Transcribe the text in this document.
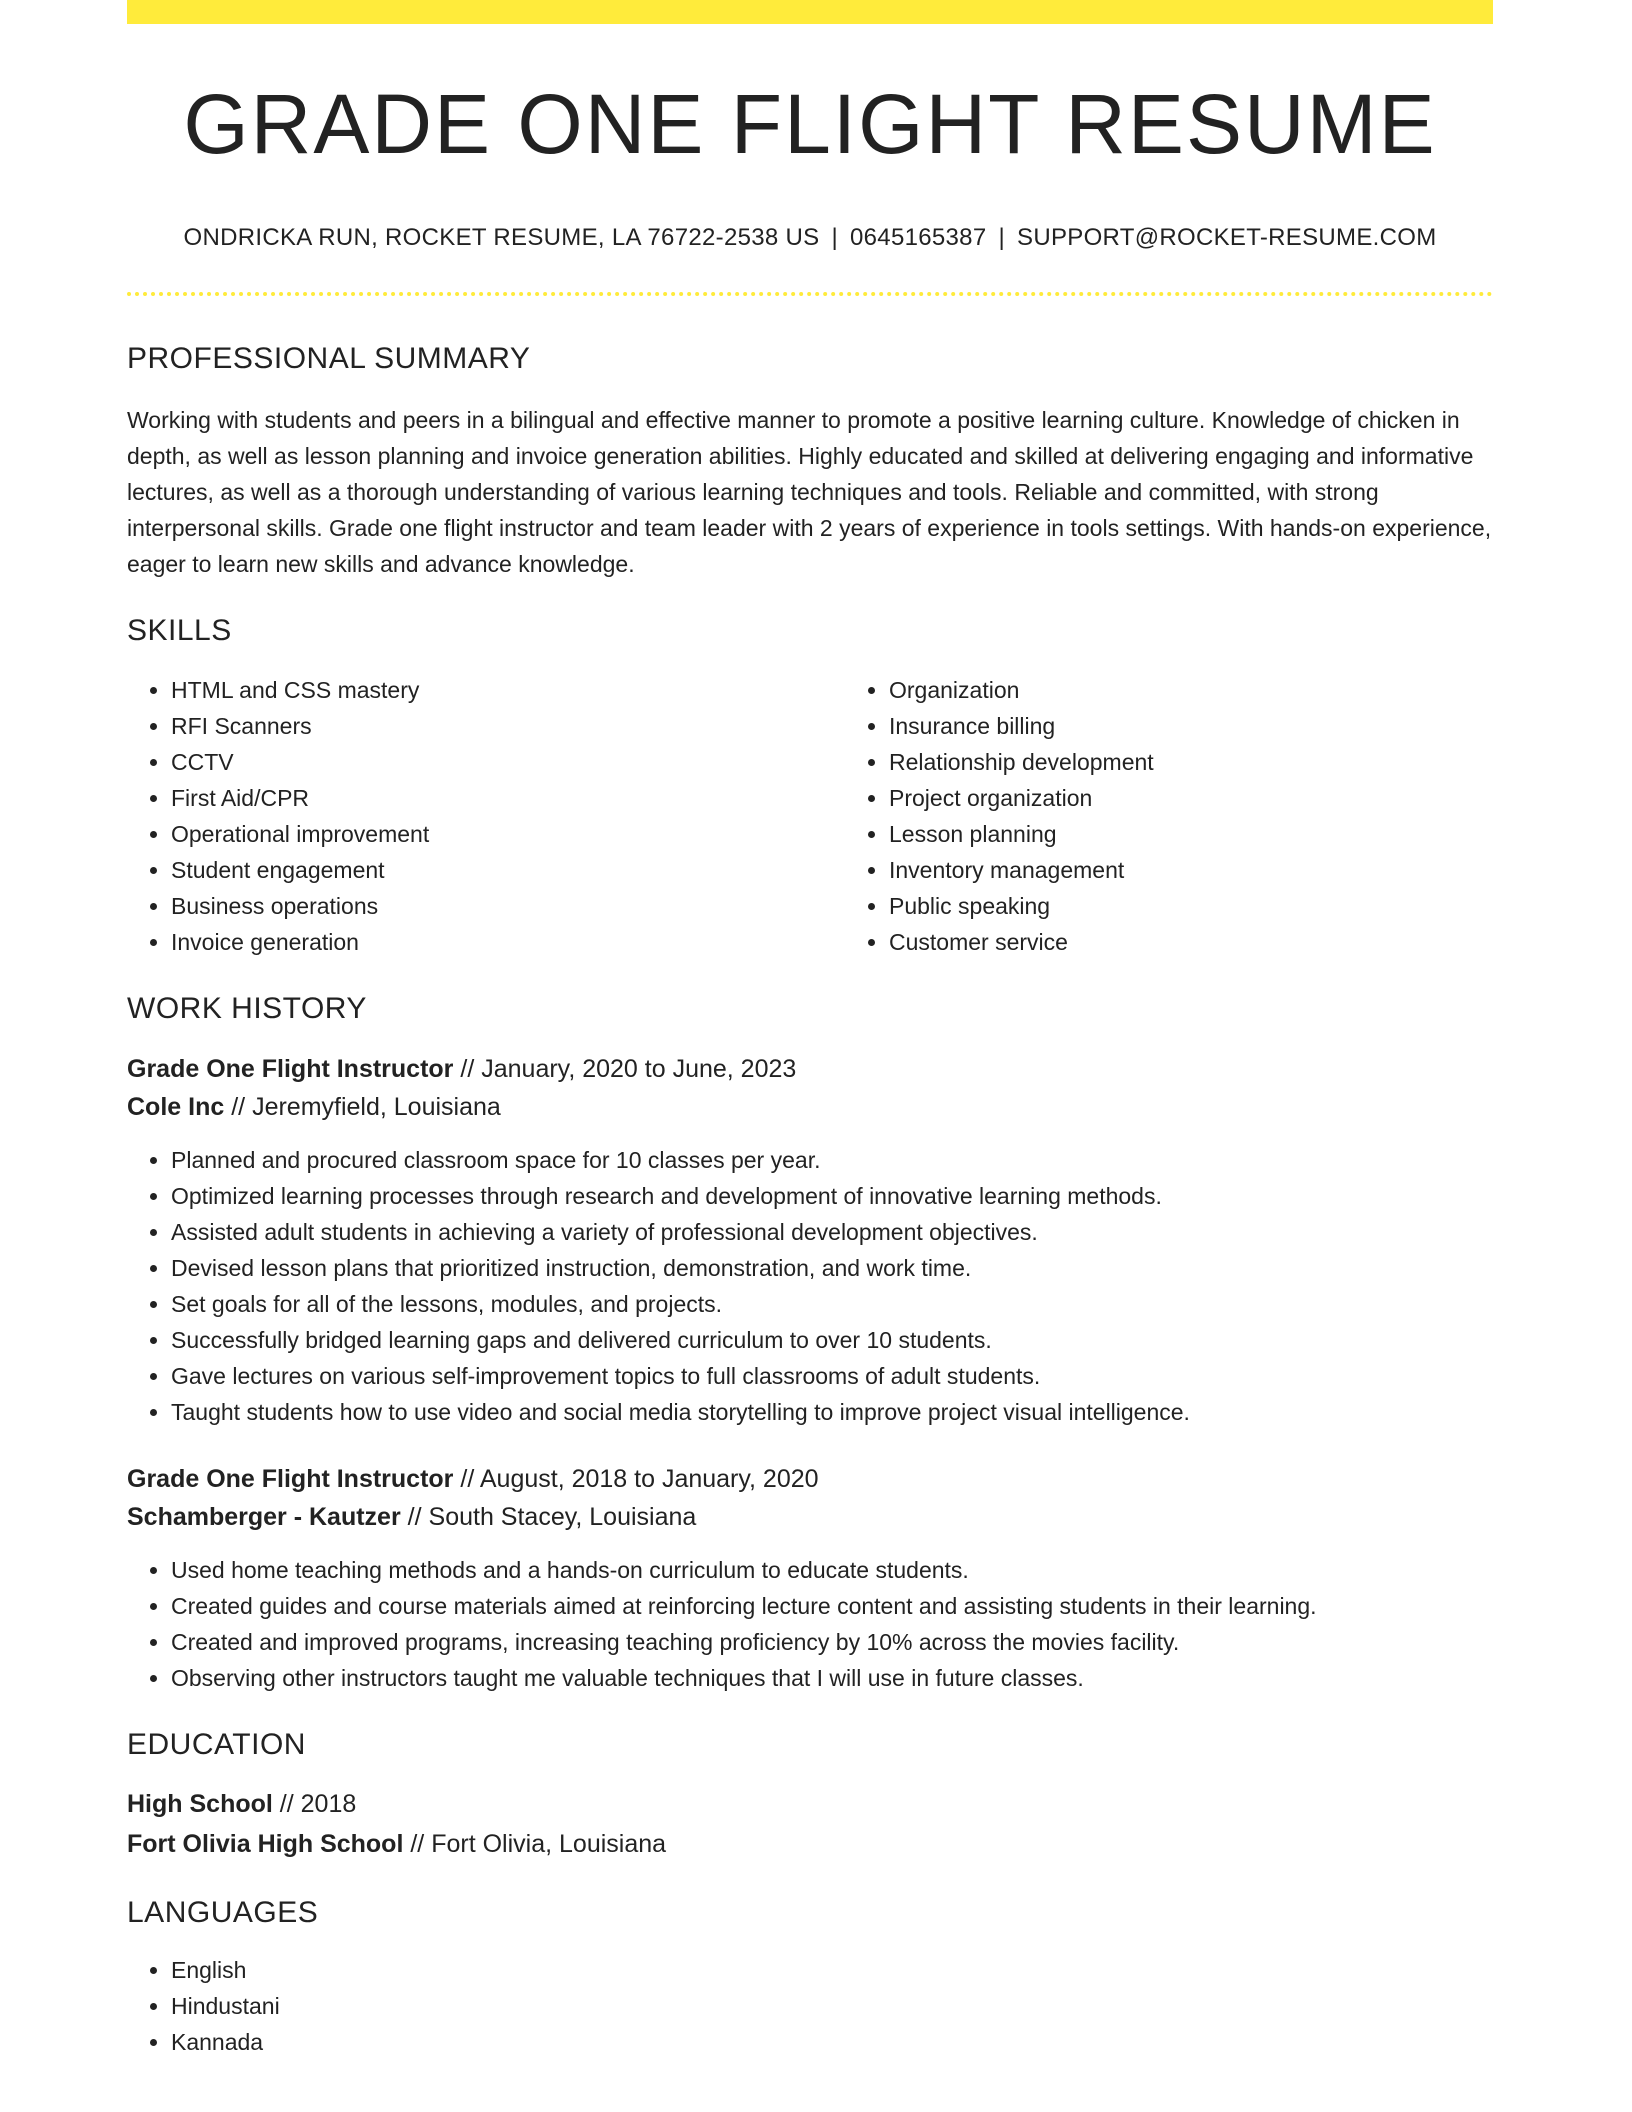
GRADE ONE FLIGHT RESUME
ONDRICKA RUN, ROCKET RESUME, LA 76722-2538 US | 0645165387 | SUPPORT@ROCKET-RESUME.COM
PROFESSIONAL SUMMARY

Working with students and peers in a bilingual and effective manner to promote a positive learning culture. Knowledge of chicken in depth, as well as lesson planning and invoice generation abilities. Highly educated and skilled at delivering engaging and informative lectures, as well as a thorough understanding of various learning techniques and tools. Reliable and committed, with strong interpersonal skills. Grade one flight instructor and team leader with 2 years of experience in tools settings. With hands-on experience, eager to learn new skills and advance knowledge.

SKILLS
• HTML and CSS mastery
• RFI Scanners
• CCTV
• First Aid/CPR
• Operational improvement
• Student engagement
• Business operations
• Invoice generation
• Organization
• Insurance billing
• Relationship development
• Project organization
• Lesson planning
• Inventory management
• Public speaking
• Customer service
WORK HISTORY
Grade One Flight Instructor // January, 2020 to June, 2023
Cole Inc // Jeremyfield, Louisiana
• Planned and procured classroom space for 10 classes per year.
• Optimized learning processes through research and development of innovative learning methods.
• Assisted adult students in achieving a variety of professional development objectives.
• Devised lesson plans that prioritized instruction, demonstration, and work time.
• Set goals for all of the lessons, modules, and projects.
• Successfully bridged learning gaps and delivered curriculum to over 10 students.
• Gave lectures on various self-improvement topics to full classrooms of adult students.
• Taught students how to use video and social media storytelling to improve project visual intelligence.
Grade One Flight Instructor // August, 2018 to January, 2020
Schamberger - Kautzer // South Stacey, Louisiana
• Used home teaching methods and a hands-on curriculum to educate students.
• Created guides and course materials aimed at reinforcing lecture content and assisting students in their learning.
• Created and improved programs, increasing teaching proficiency by 10% across the movies facility.
• Observing other instructors taught me valuable techniques that I will use in future classes.
EDUCATION
High School // 2018
Fort Olivia High School // Fort Olivia, Louisiana
LANGUAGES
• English
• Hindustani
• Kannada
